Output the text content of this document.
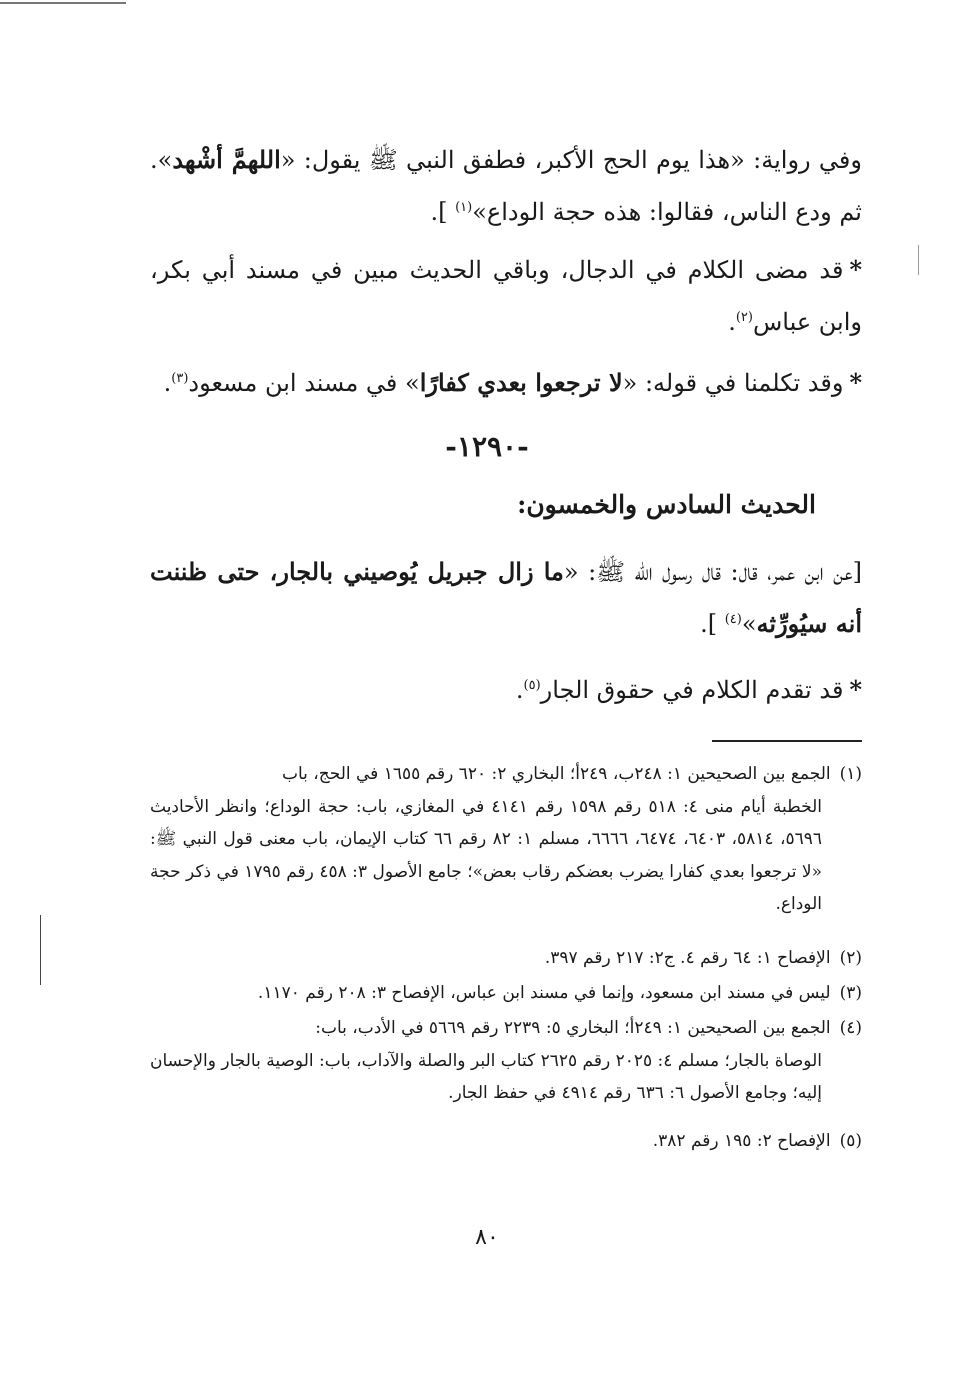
وفي رواية: «هذا يوم الحج الأكبر، فطفق النبي ﷺ يقول: «اللهمَّ أشْهد». ثم ودع الناس، فقالوا: هذه حجة الوداع»$^{(١)}$ ].

*قد مضى الكلام في الدجال، وباقي الحديث مبين في مسند أبي بكر، وابن عباس$^{(٢)}$.

*وقد تكلمنا في قوله: «لا ترجعوا بعدي كفارًا» في مسند ابن مسعود$^{(٣)}$.

-١٢٩٠-
الحديث السادس والخمسون:

[عن ابن عمر، قال: قال رسول الله ﷺ: «ما زال جبريل يُوصيني بالجار، حتى ظننت أنه سيُورِّثه»$^{(٤)}$ ].

*قد تقدم الكلام في حقوق الجار$^{(٥)}$.

(١) الجمع بين الصحيحين ١: ٢٤٨ب، ٢٤٩أ؛ البخاري ٢: ٦٢٠ رقم ١٦٥٥ في الحج، باب
الخطبة أيام منى ٤: ٥١٨ رقم ١٥٩٨ رقم ٤١٤١ في المغازي، باب: حجة الوداع؛ وانظر الأحاديث ٥٦٩٦، ٥٨١٤، ٦٤٠٣، ٦٤٧٤، ٦٦٦٦، مسلم ١: ٨٢ رقم ٦٦ كتاب الإيمان، باب معنى قول النبي ﷺ: «لا ترجعوا بعدي كفارا يضرب بعضكم رقاب بعض»؛ جامع الأصول ٣: ٤٥٨ رقم ١٧٩٥ في ذكر حجة الوداع.

(٢) الإفصاح ١: ٦٤ رقم ٤. ج٢: ٢١٧ رقم ٣٩٧.

(٣) ليس في مسند ابن مسعود، وإنما في مسند ابن عباس، الإفصاح ٣: ٢٠٨ رقم ١١٧٠.

(٤) الجمع بين الصحيحين ١: ٢٤٩أ؛ البخاري ٥: ٢٢٣٩ رقم ٥٦٦٩ في الأدب، باب:
الوصاة بالجار؛ مسلم ٤: ٢٠٢٥ رقم ٢٦٢٥ كتاب البر والصلة والآداب، باب: الوصية بالجار والإحسان إليه؛ وجامع الأصول ٦: ٦٣٦ رقم ٤٩١٤ في حفظ الجار.

(٥) الإفصاح ٢: ١٩٥ رقم ٣٨٢.

٨٠
